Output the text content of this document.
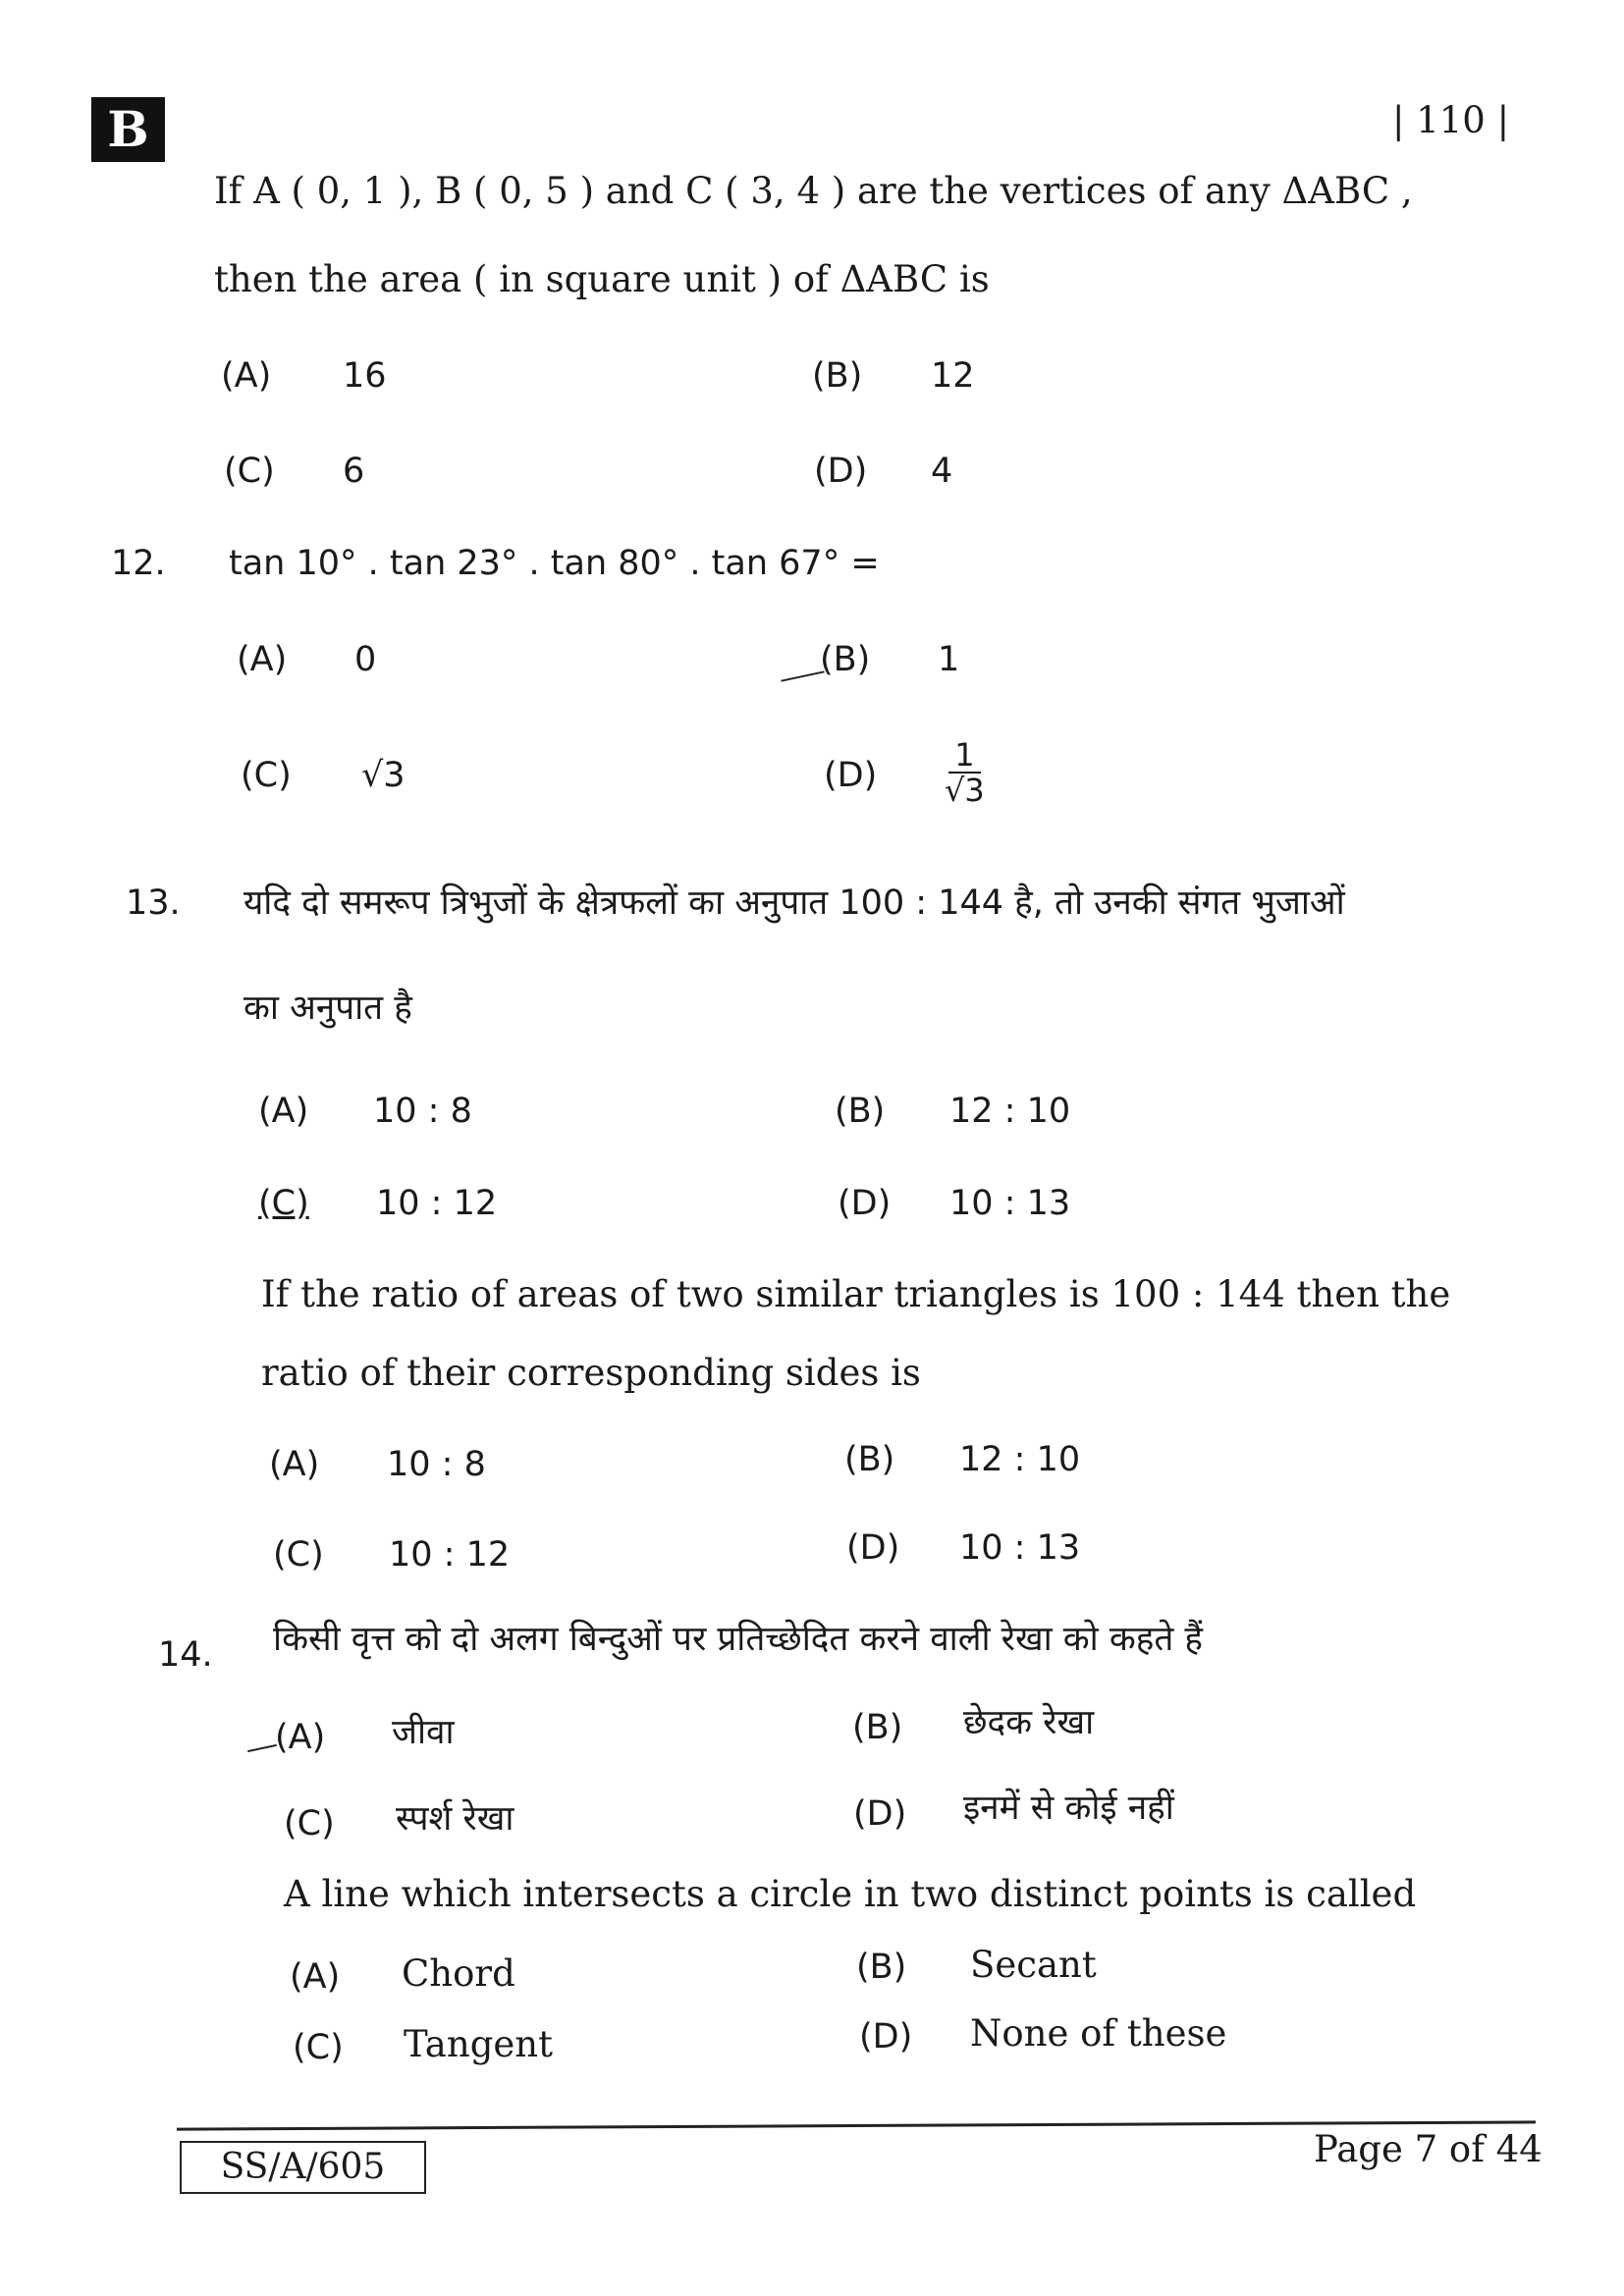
B	| 110 |
If A ( 0, 1 ), B ( 0, 5 ) and C ( 3, 4 ) are the vertices of any ΔABC ,
then the area ( in square unit ) of ΔABC is
(A) 16	(B) 12
(C) 6	(D) 4
12. tan 10° . tan 23° . tan 80° . tan 67° =
(A) 0	(B) 1
(C) √3	$(D) \frac{1}{√3}$
13. यदि दो समरूप त्रिभुजों के क्षेत्रफलों का अनुपात 100 : 144 है, तो उनकी संगत भुजाओं
का अनुपात है
(A) 10 : 8	(B) 12 : 10
(C) 10 : 12	(D) 10 : 13
If the ratio of areas of two similar triangles is 100 : 144 then the
ratio of their corresponding sides is
(A) 10 : 8	(B) 12 : 10
(C) 10 : 12	(D) 10 : 13
14. किसी वृत्त को दो अलग बिन्दुओं पर प्रतिच्छेदित करने वाली रेखा को कहते हैं
(A) जीवा	(B) छेदक रेखा
(C) स्पर्श रेखा	(D) इनमें से कोई नहीं
A line which intersects a circle in two distinct points is called
(A) Chord	(B) Secant
(C) Tangent	(D) None of these
SS/A/605	Page 7 of 44
